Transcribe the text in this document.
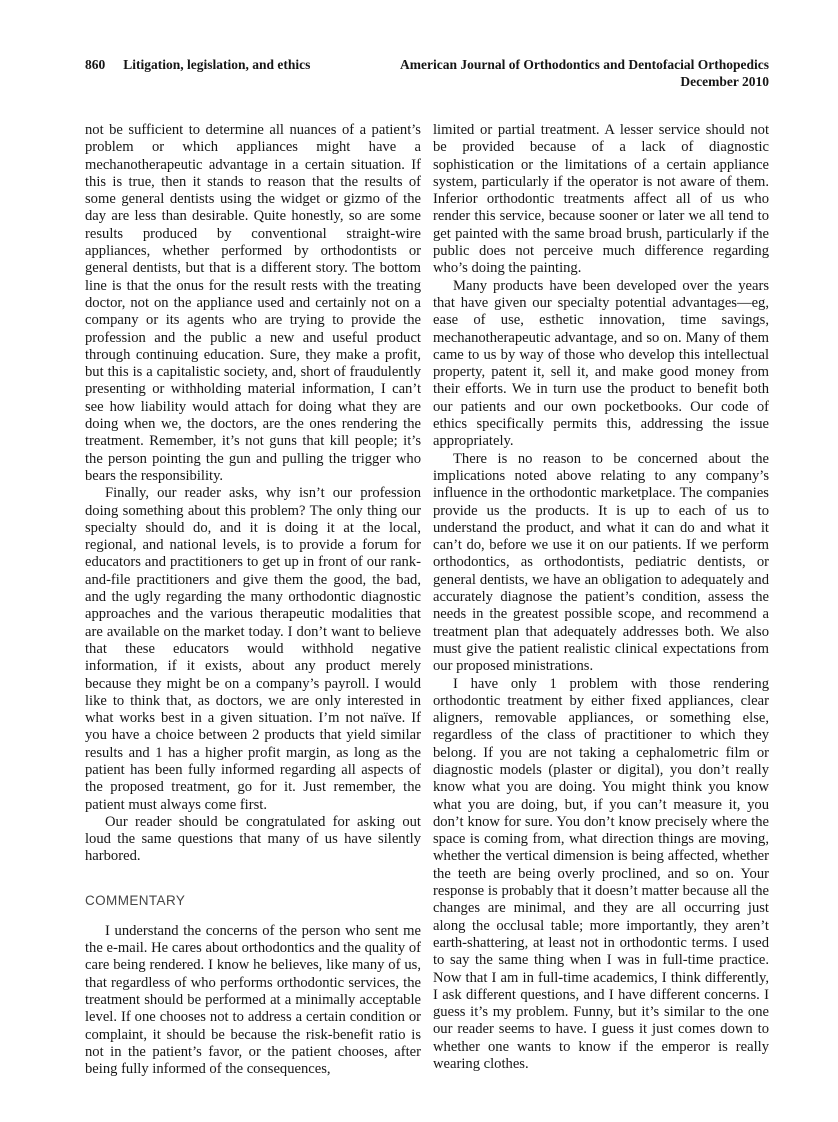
860 Litigation, legislation, and ethics	American Journal of Orthodontics and Dentofacial Orthopedics
December 2010

not be sufficient to determine all nuances of a patient’s problem or which appliances might have a mechanotherapeutic advantage in a certain situation. If this is true, then it stands to reason that the results of some general dentists using the widget or gizmo of the day are less than desirable. Quite honestly, so are some results produced by conventional straight-wire appliances, whether performed by orthodontists or general dentists, but that is a different story. The bottom line is that the onus for the result rests with the treating doctor, not on the appliance used and certainly not on a company or its agents who are trying to provide the profession and the public a new and useful product through continuing education. Sure, they make a profit, but this is a capitalistic society, and, short of fraudulently presenting or withholding material information, I can’t see how liability would attach for doing what they are doing when we, the doctors, are the ones rendering the treatment. Remember, it’s not guns that kill people; it’s the person pointing the gun and pulling the trigger who bears the responsibility.

Finally, our reader asks, why isn’t our profession doing something about this problem? The only thing our specialty should do, and it is doing it at the local, regional, and national levels, is to provide a forum for educators and practitioners to get up in front of our rank-and-file practitioners and give them the good, the bad, and the ugly regarding the many orthodontic diagnostic approaches and the various therapeutic modalities that are available on the market today. I don’t want to believe that these educators would withhold negative information, if it exists, about any product merely because they might be on a company’s payroll. I would like to think that, as doctors, we are only interested in what works best in a given situation. I’m not naïve. If you have a choice between 2 products that yield similar results and 1 has a higher profit margin, as long as the patient has been fully informed regarding all aspects of the proposed treatment, go for it. Just remember, the patient must always come first.

Our reader should be congratulated for asking out loud the same questions that many of us have silently harbored.

COMMENTARY

I understand the concerns of the person who sent me the e-mail. He cares about orthodontics and the quality of care being rendered. I know he believes, like many of us, that regardless of who performs orthodontic services, the treatment should be performed at a minimally acceptable level. If one chooses not to address a certain condition or complaint, it should be because the risk-benefit ratio is not in the patient’s favor, or the patient chooses, after being fully informed of the consequences,

limited or partial treatment. A lesser service should not be provided because of a lack of diagnostic sophistication or the limitations of a certain appliance system, particularly if the operator is not aware of them. Inferior orthodontic treatments affect all of us who render this service, because sooner or later we all tend to get painted with the same broad brush, particularly if the public does not perceive much difference regarding who’s doing the painting.

Many products have been developed over the years that have given our specialty potential advantages—eg, ease of use, esthetic innovation, time savings, mechanotherapeutic advantage, and so on. Many of them came to us by way of those who develop this intellectual property, patent it, sell it, and make good money from their efforts. We in turn use the product to benefit both our patients and our own pocketbooks. Our code of ethics specifically permits this, addressing the issue appropriately.

There is no reason to be concerned about the implications noted above relating to any company’s influence in the orthodontic marketplace. The companies provide us the products. It is up to each of us to understand the product, and what it can do and what it can’t do, before we use it on our patients. If we perform orthodontics, as orthodontists, pediatric dentists, or general dentists, we have an obligation to adequately and accurately diagnose the patient’s condition, assess the needs in the greatest possible scope, and recommend a treatment plan that adequately addresses both. We also must give the patient realistic clinical expectations from our proposed ministrations.

I have only 1 problem with those rendering orthodontic treatment by either fixed appliances, clear aligners, removable appliances, or something else, regardless of the class of practitioner to which they belong. If you are not taking a cephalometric film or diagnostic models (plaster or digital), you don’t really know what you are doing. You might think you know what you are doing, but, if you can’t measure it, you don’t know for sure. You don’t know precisely where the space is coming from, what direction things are moving, whether the vertical dimension is being affected, whether the teeth are being overly proclined, and so on. Your response is probably that it doesn’t matter because all the changes are minimal, and they are all occurring just along the occlusal table; more importantly, they aren’t earth-shattering, at least not in orthodontic terms. I used to say the same thing when I was in full-time practice. Now that I am in full-time academics, I think differently, I ask different questions, and I have different concerns. I guess it’s my problem. Funny, but it’s similar to the one our reader seems to have. I guess it just comes down to whether one wants to know if the emperor is really wearing clothes.
